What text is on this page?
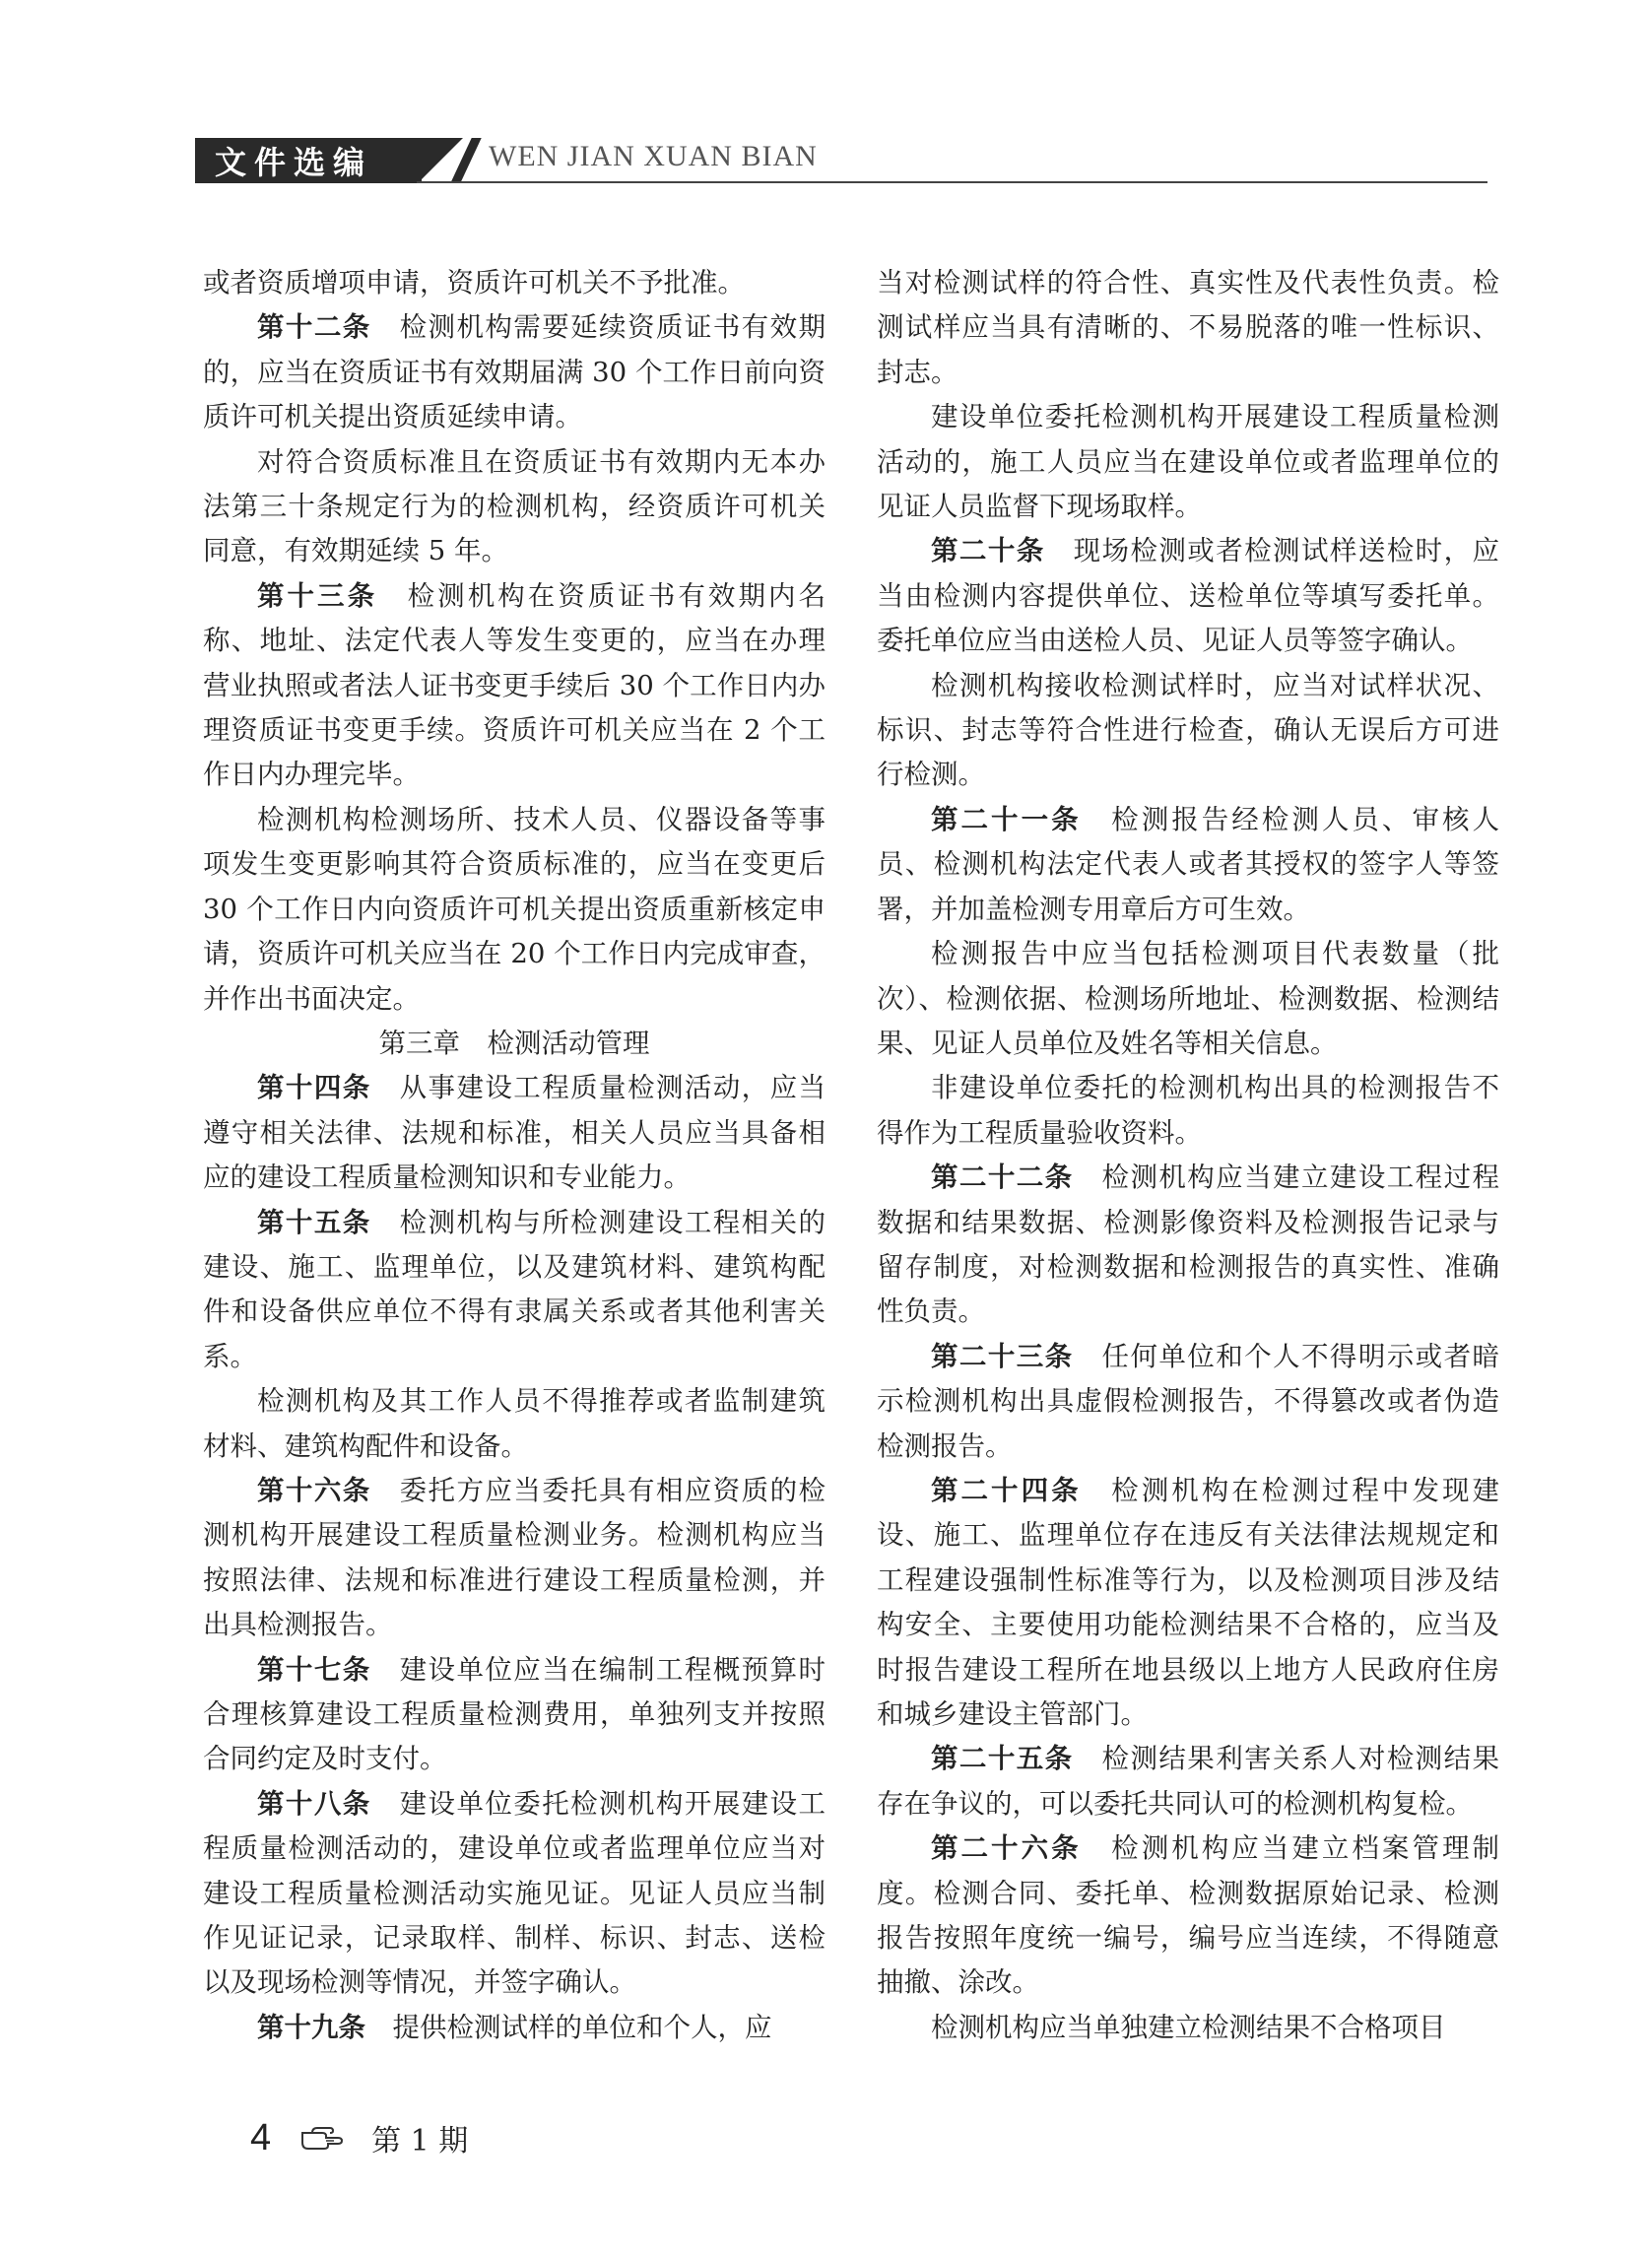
文件选编	WEN JIAN XUAN BIAN

或者资质增项申请，资质许可机关不予批准。

第十二条　检测机构需要延续资质证书有效期的，应当在资质证书有效期届满 30 个工作日前向资质许可机关提出资质延续申请。

对符合资质标准且在资质证书有效期内无本办法第三十条规定行为的检测机构，经资质许可机关同意，有效期延续 5 年。

第十三条　检测机构在资质证书有效期内名称、地址、法定代表人等发生变更的，应当在办理营业执照或者法人证书变更手续后 30 个工作日内办理资质证书变更手续。资质许可机关应当在 2 个工作日内办理完毕。

检测机构检测场所、技术人员、仪器设备等事项发生变更影响其符合资质标准的，应当在变更后 30 个工作日内向资质许可机关提出资质重新核定申请，资质许可机关应当在 20 个工作日内完成审查，并作出书面决定。

第三章　检测活动管理

第十四条　从事建设工程质量检测活动，应当遵守相关法律、法规和标准，相关人员应当具备相应的建设工程质量检测知识和专业能力。

第十五条　检测机构与所检测建设工程相关的建设、施工、监理单位，以及建筑材料、建筑构配件和设备供应单位不得有隶属关系或者其他利害关系。

检测机构及其工作人员不得推荐或者监制建筑材料、建筑构配件和设备。

第十六条　委托方应当委托具有相应资质的检测机构开展建设工程质量检测业务。检测机构应当按照法律、法规和标准进行建设工程质量检测，并出具检测报告。

第十七条　建设单位应当在编制工程概预算时合理核算建设工程质量检测费用，单独列支并按照合同约定及时支付。

第十八条　建设单位委托检测机构开展建设工程质量检测活动的，建设单位或者监理单位应当对建设工程质量检测活动实施见证。见证人员应当制作见证记录，记录取样、制样、标识、封志、送检以及现场检测等情况，并签字确认。

第十九条　提供检测试样的单位和个人，应

当对检测试样的符合性、真实性及代表性负责。检测试样应当具有清晰的、不易脱落的唯一性标识、封志。

建设单位委托检测机构开展建设工程质量检测活动的，施工人员应当在建设单位或者监理单位的见证人员监督下现场取样。

第二十条　现场检测或者检测试样送检时，应当由检测内容提供单位、送检单位等填写委托单。委托单位应当由送检人员、见证人员等签字确认。

检测机构接收检测试样时，应当对试样状况、标识、封志等符合性进行检查，确认无误后方可进行检测。

第二十一条　检测报告经检测人员、审核人员、检测机构法定代表人或者其授权的签字人等签署，并加盖检测专用章后方可生效。

检测报告中应当包括检测项目代表数量（批次）、检测依据、检测场所地址、检测数据、检测结果、见证人员单位及姓名等相关信息。

非建设单位委托的检测机构出具的检测报告不得作为工程质量验收资料。

第二十二条　检测机构应当建立建设工程过程数据和结果数据、检测影像资料及检测报告记录与留存制度，对检测数据和检测报告的真实性、准确性负责。

第二十三条　任何单位和个人不得明示或者暗示检测机构出具虚假检测报告，不得篡改或者伪造检测报告。

第二十四条　检测机构在检测过程中发现建设、施工、监理单位存在违反有关法律法规规定和工程建设强制性标准等行为，以及检测项目涉及结构安全、主要使用功能检测结果不合格的，应当及时报告建设工程所在地县级以上地方人民政府住房和城乡建设主管部门。

第二十五条　检测结果利害关系人对检测结果存在争议的，可以委托共同认可的检测机构复检。

第二十六条　检测机构应当建立档案管理制度。检测合同、委托单、检测数据原始记录、检测报告按照年度统一编号，编号应当连续，不得随意抽撤、涂改。

检测机构应当单独建立检测结果不合格项目

4	第 1 期
